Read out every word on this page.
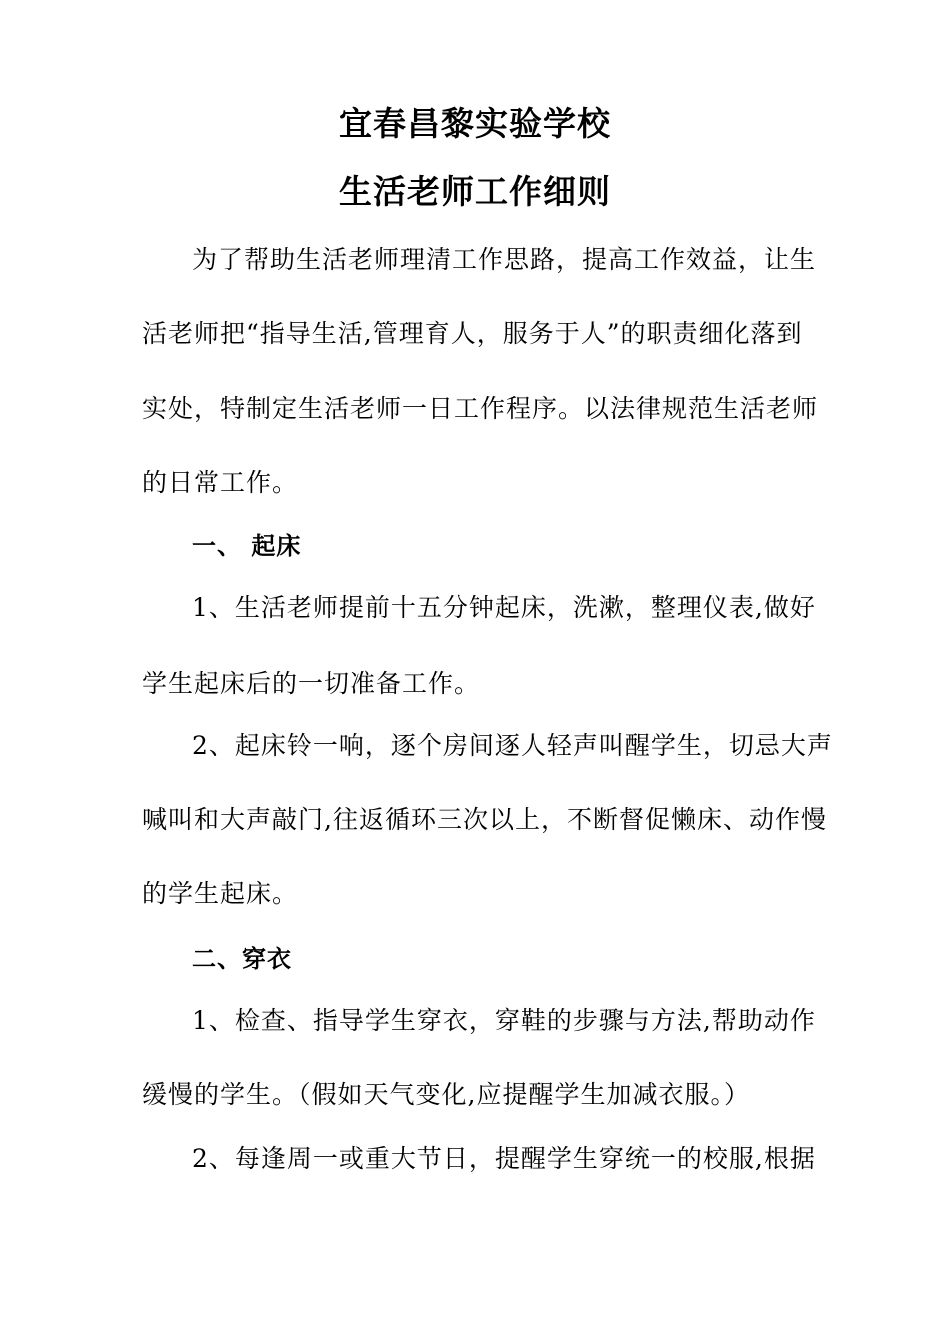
宜春昌黎实验学校
生活老师工作细则
为了帮助生活老师理清工作思路，提高工作效益，让生
活老师把“指导生活,管理育人，服务于人”的职责细化落到
实处，特制定生活老师一日工作程序。以法律规范生活老师
的日常工作。
一、 起床
1、生活老师提前十五分钟起床，洗漱，整理仪表,做好
学生起床后的一切准备工作。
2、起床铃一响，逐个房间逐人轻声叫醒学生，切忌大声
喊叫和大声敲门,往返循环三次以上，不断督促懒床、动作慢
的学生起床。
二、穿衣
1、检查、指导学生穿衣，穿鞋的步骤与方法,帮助动作
缓慢的学生。（假如天气变化,应提醒学生加减衣服。）
2、每逢周一或重大节日，提醒学生穿统一的校服,根据
